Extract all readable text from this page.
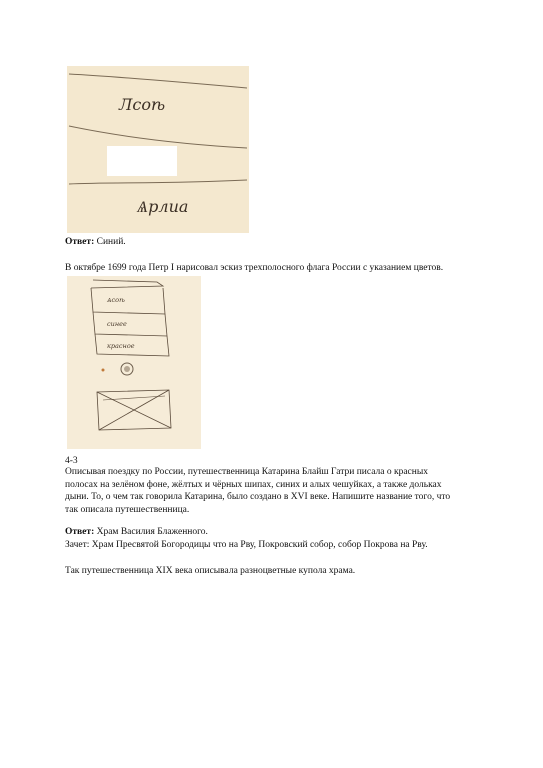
Лсоѣ
Ѧрлиа
Ответ: Синий.
В октябре 1699 года Петр I нарисовал эскиз трехполосного флага России с указанием цветов.
Ѧсоѣ
синее
красное
4-3
Описывая поездку по России, путешественница Катарина Блайш Гатри писала о красных
полосах на зелёном фоне, жёлтых и чёрных шипах, синих и алых чешуйках, а также дольках
дыни. То, о чем так говорила Катарина, было создано в XVI веке. Напишите название того, что
так описала путешественница.
Ответ: Храм Василия Блаженного.
Зачет: Храм Пресвятой Богородицы что на Рву, Покровский собор, собор Покрова на Рву.
Так путешественница XIX века описывала разноцветные купола храма.
